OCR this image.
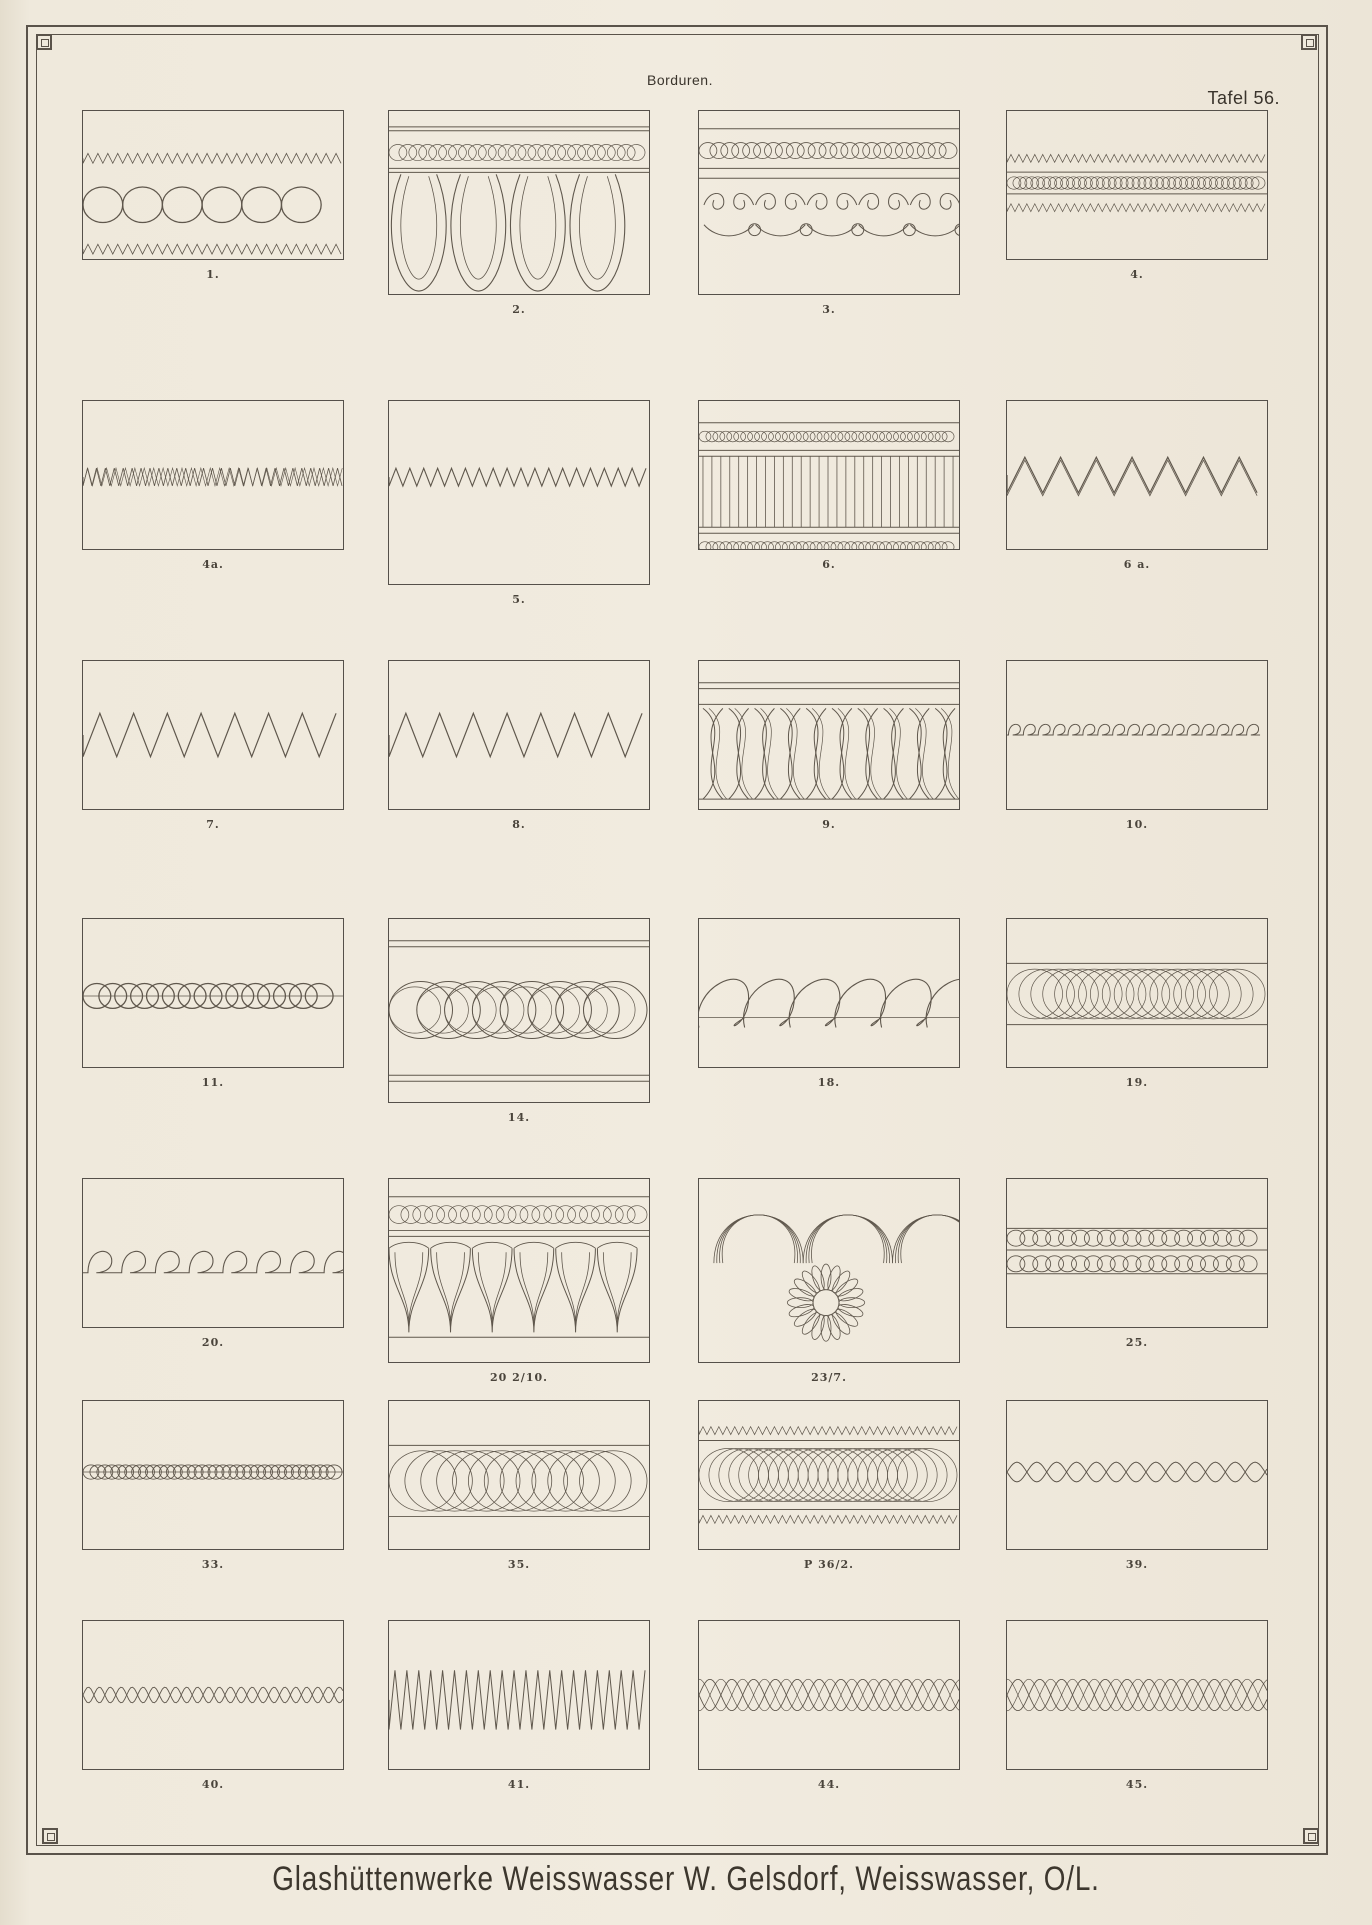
Borduren.
Tafel 56.
1.
2.	3.
4.
4a.
5.
6.	6 a.
7.	8.	9.	10.
11.
14.
18.	19.
20.
20 2/10.	23/7.
25.
33.	35.	P 36/2.	39.
40.	41.	44.	45.
Glashüttenwerke Weisswasser W. Gelsdorf, Weisswasser, O/L.
